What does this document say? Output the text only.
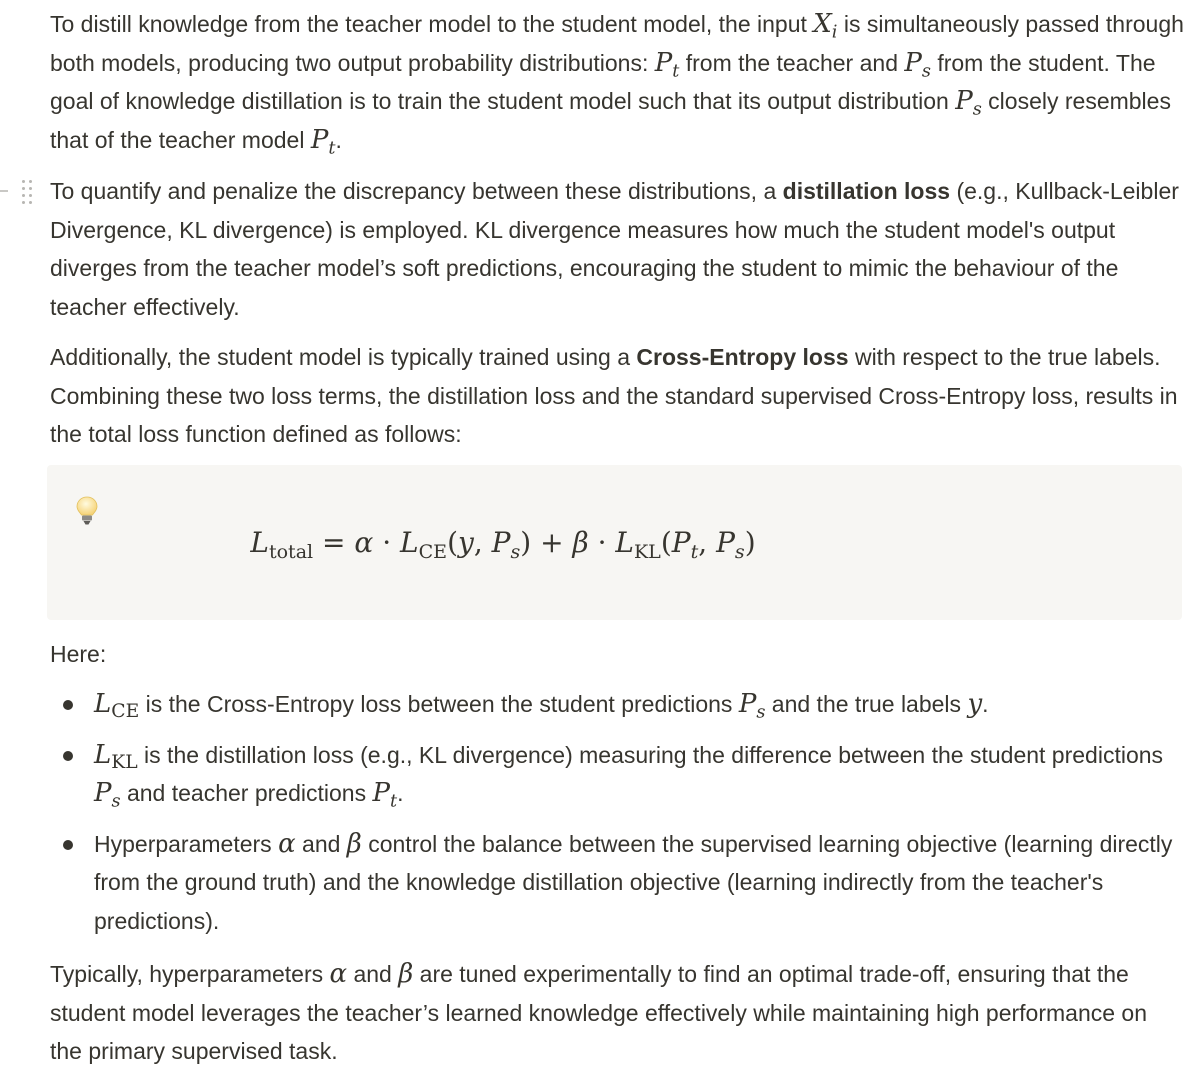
To distill knowledge from the teacher model to the student model, the input $X_i$ is simultaneously passed through both models, producing two output probability distributions: $P_t$ from the teacher and $P_s$ from the student. The goal of knowledge distillation is to train the student model such that its output distribution $P_s$ closely resembles that of the teacher model $P_t$.

To quantify and penalize the discrepancy between these distributions, a distillation loss (e.g., Kullback-Leibler Divergence, KL divergence) is employed. KL divergence measures how much the student model's output diverges from the teacher model’s soft predictions, encouraging the student to mimic the behaviour of the teacher effectively.

Additionally, the student model is typically trained using a Cross-Entropy loss with respect to the true labels. Combining these two loss terms, the distillation loss and the standard supervised Cross-Entropy loss, results in the total loss function defined as follows:

$L_{total} = \alpha \cdot L_{CE}(y$, $P_s) + \beta \cdot L_{KL}(P_t$, $P_s$)

Here:

$L_{CE}$ is the Cross-Entropy loss between the student predictions $P_s$ and the true labels y.
$L_{KL}$ is the distillation loss (e.g., KL divergence) measuring the difference between the student predictions $P_s$ and teacher predictions $P_t$.
Hyperparameters α and β control the balance between the supervised learning objective (learning directly from the ground truth) and the knowledge distillation objective (learning indirectly from the teacher's predictions).

Typically, hyperparameters α and β are tuned experimentally to find an optimal trade-off, ensuring that the student model leverages the teacher’s learned knowledge effectively while maintaining high performance on the primary supervised task.
